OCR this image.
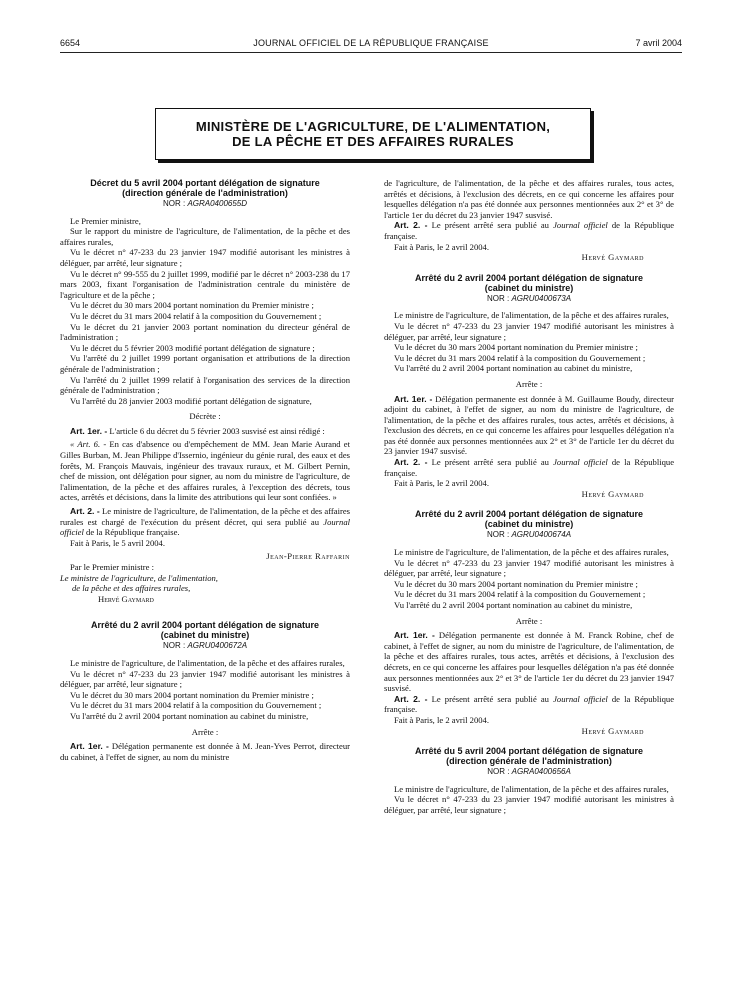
6654	JOURNAL OFFICIEL DE LA RÉPUBLIQUE FRANÇAISE	7 avril 2004
MINISTÈRE DE L'AGRICULTURE, DE L'ALIMENTATION,
DE LA PÊCHE ET DES AFFAIRES RURALES
Décret du 5 avril 2004 portant délégation de signature
(direction générale de l'administration)
NOR : AGRA0400655D

Le Premier ministre,

Sur le rapport du ministre de l'agriculture, de l'alimentation, de la pêche et des affaires rurales,

Vu le décret n° 47-233 du 23 janvier 1947 modifié autorisant les ministres à déléguer, par arrêté, leur signature ;

Vu le décret n° 99-555 du 2 juillet 1999, modifié par le décret n° 2003-238 du 17 mars 2003, fixant l'organisation de l'administration centrale du ministère de l'agriculture et de la pêche ;

Vu le décret du 30 mars 2004 portant nomination du Premier ministre ;

Vu le décret du 31 mars 2004 relatif à la composition du Gouvernement ;

Vu le décret du 21 janvier 2003 portant nomination du directeur général de l'administration ;

Vu le décret du 5 février 2003 modifié portant délégation de signature ;

Vu l'arrêté du 2 juillet 1999 portant organisation et attributions de la direction générale de l'administration ;

Vu l'arrêté du 2 juillet 1999 relatif à l'organisation des services de la direction générale de l'administration ;

Vu l'arrêté du 28 janvier 2003 modifié portant délégation de signature,

Décrète :

Art. 1er. - L'article 6 du décret du 5 février 2003 susvisé est ainsi rédigé :

« Art. 6. - En cas d'absence ou d'empêchement de MM. Jean Marie Aurand et Gilles Burban, M. Jean Philippe d'Issernio, ingénieur du génie rural, des eaux et des forêts, M. François Mauvais, ingénieur des travaux ruraux, et M. Gilbert Pernin, chef de mission, ont délégation pour signer, au nom du ministre de l'agriculture, de l'alimentation, de la pêche et des affaires rurales, à l'exception des décrets, tous actes, arrêtés et décisions, dans la limite des attributions qui leur sont confiées. »

Art. 2. - Le ministre de l'agriculture, de l'alimentation, de la pêche et des affaires rurales est chargé de l'exécution du présent décret, qui sera publié au Journal officiel de la République française.

Fait à Paris, le 5 avril 2004.

Jean-Pierre Raffarin

Par le Premier ministre :

Le ministre de l'agriculture, de l'alimentation,

de la pêche et des affaires rurales,

Hervé Gaymard

Arrêté du 2 avril 2004 portant délégation de signature
(cabinet du ministre)
NOR : AGRU0400672A

Le ministre de l'agriculture, de l'alimentation, de la pêche et des affaires rurales,

Vu le décret n° 47-233 du 23 janvier 1947 modifié autorisant les ministres à déléguer, par arrêté, leur signature ;

Vu le décret du 30 mars 2004 portant nomination du Premier ministre ;

Vu le décret du 31 mars 2004 relatif à la composition du Gouvernement ;

Vu l'arrêté du 2 avril 2004 portant nomination au cabinet du ministre,

Arrête :

Art. 1er. - Délégation permanente est donnée à M. Jean-Yves Perrot, directeur du cabinet, à l'effet de signer, au nom du ministre

de l'agriculture, de l'alimentation, de la pêche et des affaires rurales, tous actes, arrêtés et décisions, à l'exclusion des décrets, en ce qui concerne les affaires pour lesquelles délégation n'a pas été donnée aux personnes mentionnées aux 2° et 3° de l'article 1er du décret du 23 janvier 1947 susvisé.

Art. 2. - Le présent arrêté sera publié au Journal officiel de la République française.

Fait à Paris, le 2 avril 2004.

Hervé Gaymard

Arrêté du 2 avril 2004 portant délégation de signature
(cabinet du ministre)
NOR : AGRU0400673A

Le ministre de l'agriculture, de l'alimentation, de la pêche et des affaires rurales,

Vu le décret n° 47-233 du 23 janvier 1947 modifié autorisant les ministres à déléguer, par arrêté, leur signature ;

Vu le décret du 30 mars 2004 portant nomination du Premier ministre ;

Vu le décret du 31 mars 2004 relatif à la composition du Gouvernement ;

Vu l'arrêté du 2 avril 2004 portant nomination au cabinet du ministre,

Arrête :

Art. 1er. - Délégation permanente est donnée à M. Guillaume Boudy, directeur adjoint du cabinet, à l'effet de signer, au nom du ministre de l'agriculture, de l'alimentation, de la pêche et des affaires rurales, tous actes, arrêtés et décisions, à l'exclusion des décrets, en ce qui concerne les affaires pour lesquelles délégation n'a pas été donnée aux personnes mentionnées aux 2° et 3° de l'article 1er du décret du 23 janvier 1947 susvisé.

Art. 2. - Le présent arrêté sera publié au Journal officiel de la République française.

Fait à Paris, le 2 avril 2004.

Hervé Gaymard

Arrêté du 2 avril 2004 portant délégation de signature
(cabinet du ministre)
NOR : AGRU0400674A

Le ministre de l'agriculture, de l'alimentation, de la pêche et des affaires rurales,

Vu le décret n° 47-233 du 23 janvier 1947 modifié autorisant les ministres à déléguer, par arrêté, leur signature ;

Vu le décret du 30 mars 2004 portant nomination du Premier ministre ;

Vu le décret du 31 mars 2004 relatif à la composition du Gouvernement ;

Vu l'arrêté du 2 avril 2004 portant nomination au cabinet du ministre,

Arrête :

Art. 1er. - Délégation permanente est donnée à M. Franck Robine, chef de cabinet, à l'effet de signer, au nom du ministre de l'agriculture, de l'alimentation, de la pêche et des affaires rurales, tous actes, arrêtés et décisions, à l'exclusion des décrets, en ce qui concerne les affaires pour lesquelles délégation n'a pas été donnée aux personnes mentionnées aux 2° et 3° de l'article 1er du décret du 23 janvier 1947 susvisé.

Art. 2. - Le présent arrêté sera publié au Journal officiel de la République française.

Fait à Paris, le 2 avril 2004.

Hervé Gaymard

Arrêté du 5 avril 2004 portant délégation de signature
(direction générale de l'administration)
NOR : AGRA0400656A

Le ministre de l'agriculture, de l'alimentation, de la pêche et des affaires rurales,

Vu le décret n° 47-233 du 23 janvier 1947 modifié autorisant les ministres à déléguer, par arrêté, leur signature ;
